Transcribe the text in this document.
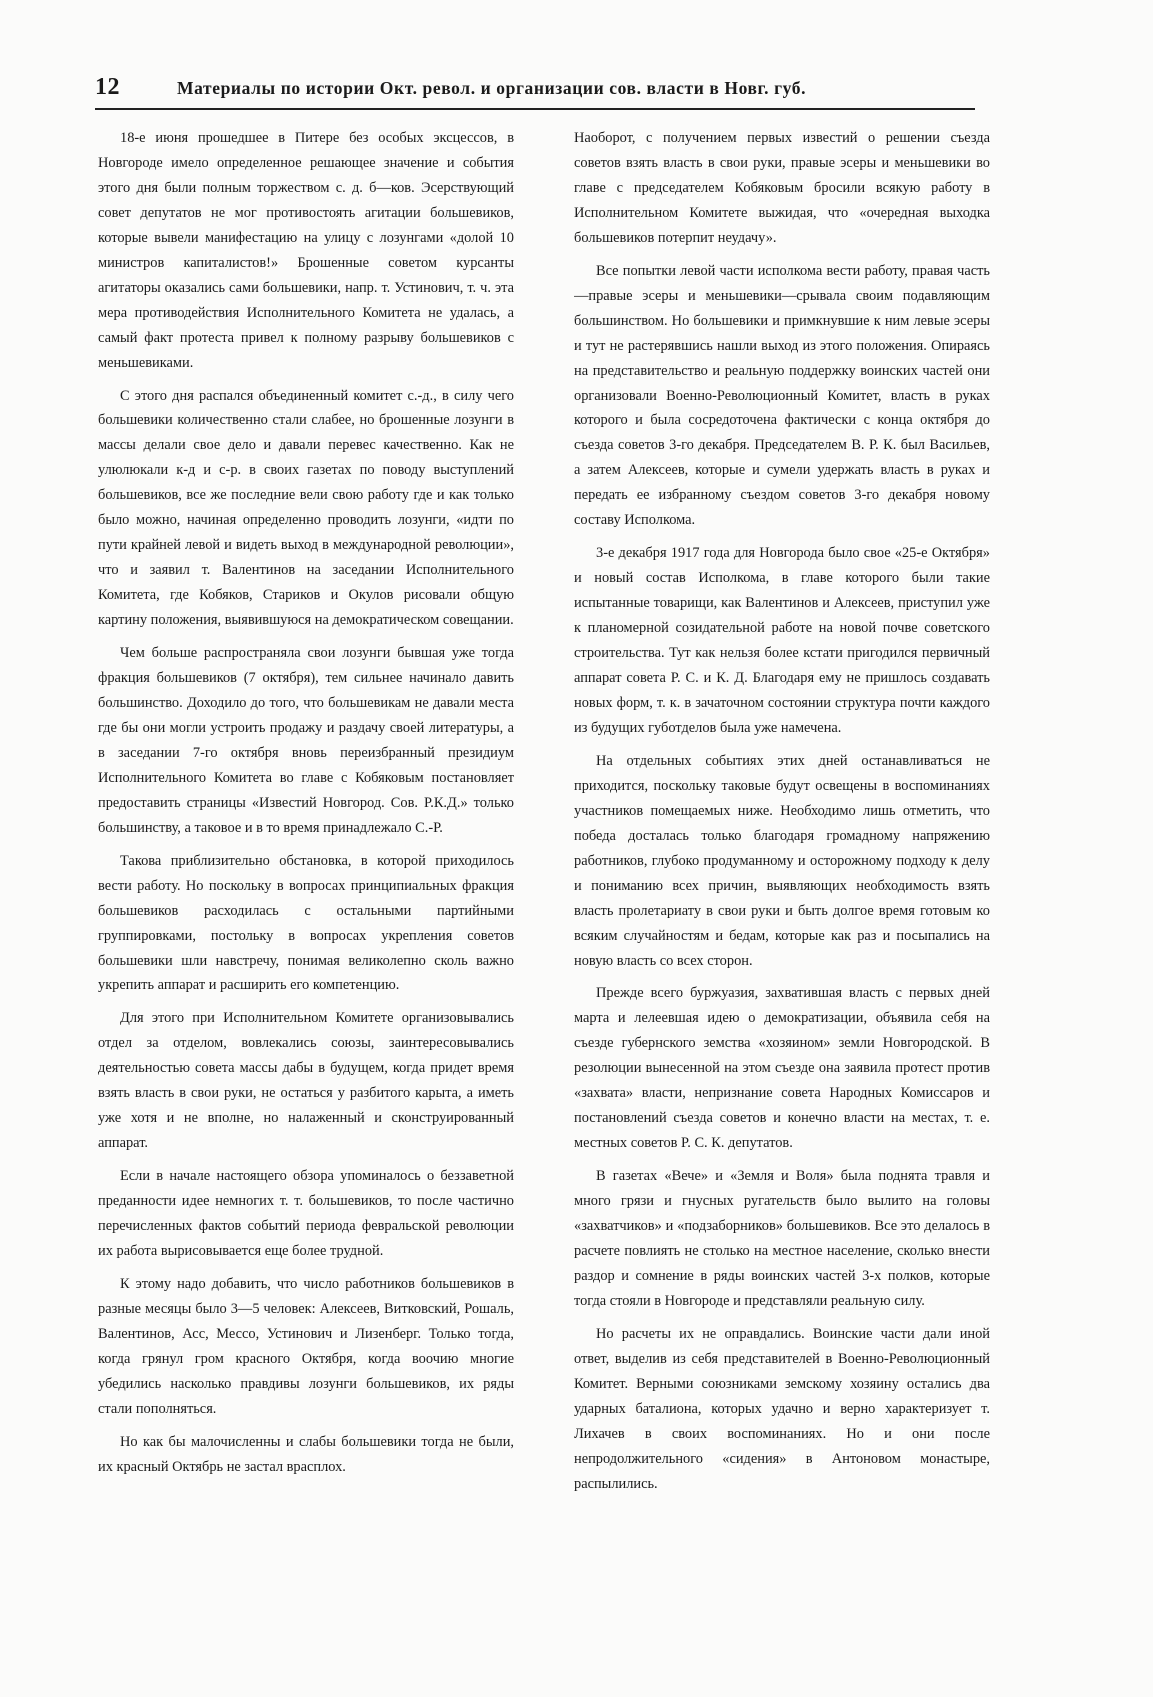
12	Материалы по истории Окт. револ. и организации сов. власти в Новг. губ.

18-е июня прошедшее в Питере без особых эксцессов, в Новгороде имело определенное решающее значение и события этого дня были полным торжеством с. д. б—ков. Эсерствующий совет депутатов не мог противостоять агитации большевиков, которые вывели манифестацию на улицу с лозунгами «долой 10 министров капиталистов!» Брошенные советом курсанты агитаторы оказались сами большевики, напр. т. Устинович, т. ч. эта мера противодействия Исполнительного Комитета не удалась, а самый факт протеста привел к полному разрыву большевиков с меньшевиками.

С этого дня распался объединенный комитет с.-д., в силу чего большевики количественно стали слабее, но брошенные лозунги в массы делали свое дело и давали перевес качественно. Как не улюлюкали к-д и с-р. в своих газетах по поводу выступлений большевиков, все же последние вели свою работу где и как только было можно, начиная определенно проводить лозунги, «идти по пути крайней левой и видеть выход в международной революции», что и заявил т. Валентинов на заседании Исполнительного Комитета, где Кобяков, Стариков и Окулов рисовали общую картину положения, выявившуюся на демократическом совещании.

Чем больше распространяла свои лозунги бывшая уже тогда фракция большевиков (7 октября), тем сильнее начинало давить большинство. Доходило до того, что большевикам не давали места где бы они могли устроить продажу и раздачу своей литературы, а в заседании 7-го октября вновь переизбранный президиум Исполнительного Комитета во главе с Кобяковым постановляет предоставить страницы «Известий Новгород. Сов. Р.К.Д.» только большинству, а таковое и в то время принадлежало С.-Р.

Такова приблизительно обстановка, в которой приходилось вести работу. Но поскольку в вопросах принципиальных фракция большевиков расходилась с остальными партийными группировками, постольку в вопросах укрепления советов большевики шли навстречу, понимая великолепно сколь важно укрепить аппарат и расширить его компетенцию.

Для этого при Исполнительном Комитете организовывались отдел за отделом, вовлекались союзы, заинтересовывались деятельностью совета массы дабы в будущем, когда придет время взять власть в свои руки, не остаться у разбитого карыта, а иметь уже хотя и не вполне, но налаженный и сконструированный аппарат.

Если в начале настоящего обзора упоминалось о беззаветной преданности идее немногих т. т. большевиков, то после частично перечисленных фактов событий периода февральской революции их работа вырисовывается еще более трудной.

К этому надо добавить, что число работников большевиков в разные месяцы было 3—5 человек: Алексеев, Витковский, Рошаль, Валентинов, Асс, Мессо, Устинович и Лизенберг. Только тогда, когда грянул гром красного Октября, когда воочию многие убедились насколько правдивы лозунги большевиков, их ряды стали пополняться.

Но как бы малочисленны и слабы большевики тогда не были, их красный Октябрь не застал врасплох.

Наоборот, с получением первых известий о решении съезда советов взять власть в свои руки, правые эсеры и меньшевики во главе с председателем Кобяковым бросили всякую работу в Исполнительном Комитете выжидая, что «очередная выходка большевиков потерпит неудачу».

Все попытки левой части исполкома вести работу, правая часть—правые эсеры и меньшевики—срывала своим подавляющим большинством. Но большевики и примкнувшие к ним левые эсеры и тут не растерявшись нашли выход из этого положения. Опираясь на представительство и реальную поддержку воинских частей они организовали Военно-Революционный Комитет, власть в руках которого и была сосредоточена фактически с конца октября до съезда советов 3-го декабря. Председателем В. Р. К. был Васильев, а затем Алексеев, которые и сумели удержать власть в руках и передать ее избранному съездом советов 3-го декабря новому составу Исполкома.

3-е декабря 1917 года для Новгорода было свое «25-е Октября» и новый состав Исполкома, в главе которого были такие испытанные товарищи, как Валентинов и Алексеев, приступил уже к планомерной созидательной работе на новой почве советского строительства. Тут как нельзя более кстати пригодился первичный аппарат совета Р. С. и К. Д. Благодаря ему не пришлось создавать новых форм, т. к. в зачаточном состоянии структура почти каждого из будущих губотделов была уже намечена.

На отдельных событиях этих дней останавливаться не приходится, поскольку таковые будут освещены в воспоминаниях участников помещаемых ниже. Необходимо лишь отметить, что победа досталась только благодаря громадному напряжению работников, глубоко продуманному и осторожному подходу к делу и пониманию всех причин, выявляющих необходимость взять власть пролетариату в свои руки и быть долгое время готовым ко всяким случайностям и бедам, которые как раз и посыпались на новую власть со всех сторон.

Прежде всего буржуазия, захватившая власть с первых дней марта и лелеевшая идею о демократизации, объявила себя на съезде губернского земства «хозяином» земли Новгородской. В резолюции вынесенной на этом съезде она заявила протест против «захвата» власти, непризнание совета Народных Комиссаров и постановлений съезда советов и конечно власти на местах, т. е. местных советов Р. С. К. депутатов.

В газетах «Вече» и «Земля и Воля» была поднята травля и много грязи и гнусных ругательств было вылито на головы «захватчиков» и «подзаборников» большевиков. Все это делалось в расчете повлиять не столько на местное население, сколько внести раздор и сомнение в ряды воинских частей 3-х полков, которые тогда стояли в Новгороде и представляли реальную силу.

Но расчеты их не оправдались. Воинские части дали иной ответ, выделив из себя представителей в Военно-Революционный Комитет. Верными союзниками земскому хозяину остались два ударных баталиона, которых удачно и верно характеризует т. Лихачев в своих воспоминаниях. Но и они после непродолжительного «сидения» в Антоновом монастыре, распылились.
